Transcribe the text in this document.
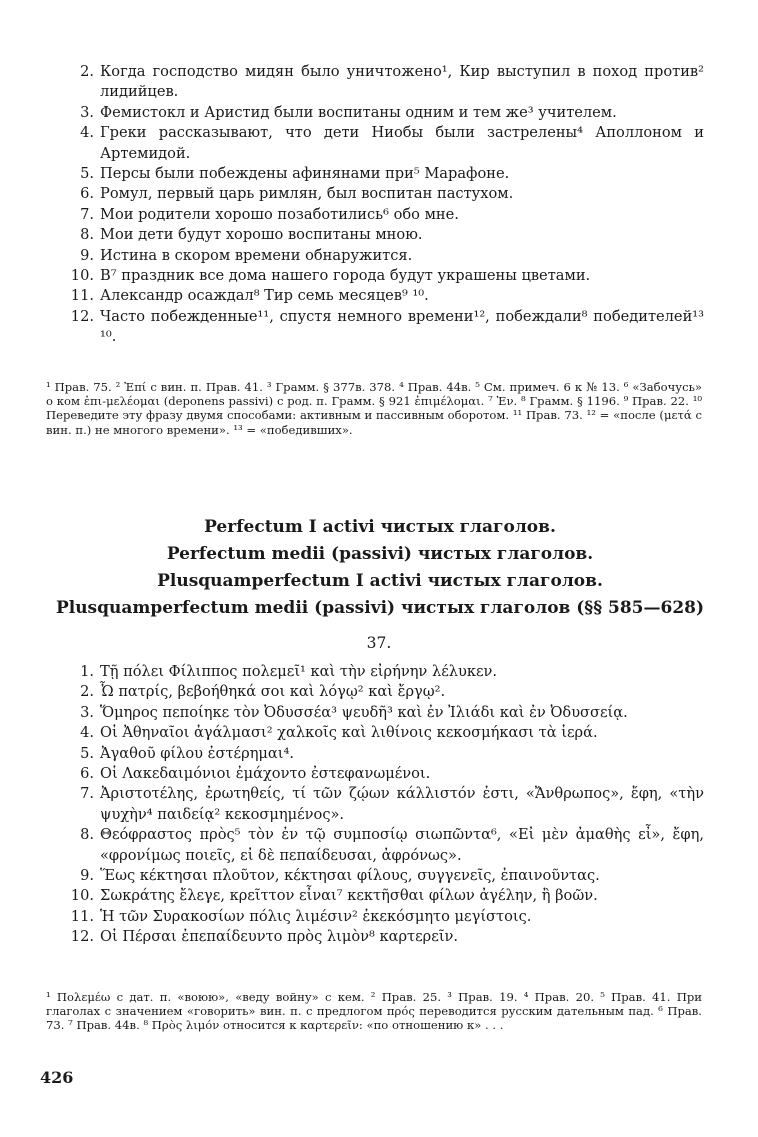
2. Когда господство мидян было уничтожено¹, Кир выступил в поход против² лидийцев.
3. Фемистокл и Аристид были воспитаны одним и тем же³ учителем.
4. Греки рассказывают, что дети Ниобы были застрелены⁴ Аполлоном и Артемидой.
5. Персы были побеждены афинянами при⁵ Марафоне.
6. Ромул, первый царь римлян, был воспитан пастухом.
7. Мои родители хорошо позаботились⁶ обо мне.
8. Мои дети будут хорошо воспитаны мною.
9. Истина в скором времени обнаружится.
10. В⁷ праздник все дома нашего города будут украшены цветами.
11. Александр осаждал⁸ Тир семь месяцев⁹ ¹⁰.
12. Часто побежденные¹¹, спустя немного времени¹², побеждали⁸ победителей¹³ ¹⁰.
¹ Прав. 75. ² Ἐπί с вин. п. Прав. 41. ³ Грамм. § 377в. 378. ⁴ Прав. 44в. ⁵ См. примеч. 6 к № 13. ⁶ «Забочусь» о ком ἐπι-μελέομαι (deponens passivi) с род. п. Грамм. § 921 ἐπιμέλομαι. ⁷ Ἐν. ⁸ Грамм. § 1196. ⁹ Прав. 22. ¹⁰ Переведите эту фразу двумя способами: активным и пассивным оборотом. ¹¹ Прав. 73. ¹² = «после (μετά с вин. п.) не многого времени». ¹³ = «победивших».
Perfectum I activi чистых глаголов.
Perfectum medii (passivi) чистых глаголов.
Plusquamperfectum I activi чистых глаголов.
Plusquamperfectum medii (passivi) чистых глаголов (§§ 585—628)
37.
1. Τῇ πόλει Φίλιππος πολεμεῖ¹ καὶ τὴν εἰρήνην λέλυκεν.
2. Ὦ πατρίς, βεβοήθηκά σοι καὶ λόγῳ² καὶ ἔργῳ².
3. Ὅμηρος πεποίηκε τὸν Ὀδυσσέα³ ψευδῆ³ καὶ ἐν Ἰλιάδι καὶ ἐν Ὀδυσσείᾳ.
4. Οἱ Ἀθηναῖοι ἀγάλμασι² χαλκοῖς καὶ λιθίνοις κεκοσμήκασι τὰ ἱερά.
5. Ἀγαθοῦ φίλου ἐστέρημαι⁴.
6. Οἱ Λακεδαιμόνιοι ἐμάχοντο ἐστεφανωμένοι.
7. Ἀριστοτέλης, ἐρωτηθείς, τί τῶν ζῴων κάλλιστόν ἐστι, «Ἄνθρωπος», ἔφη, «τὴν ψυχὴν⁴ παιδείᾳ² κεκοσμημένος».
8. Θεόφραστος πρὸς⁵ τὸν ἐν τῷ συμποσίῳ σιωπῶντα⁶, «Εἰ μὲν ἀμαθὴς εἶ», ἔφη, «φρονίμως ποιεῖς, εἰ δὲ πεπαίδευσαι, ἀφρόνως».
9. Ἕως κέκτησαι πλοῦτον, κέκτησαι φίλους, συγγενεῖς, ἐπαινοῦντας.
10. Σωκράτης ἔλεγε, κρεῖττον εἶναι⁷ κεκτῆσθαι φίλων ἀγέλην, ἢ βοῶν.
11. Ἡ τῶν Συρακοσίων πόλις λιμέσιν² ἐκεκόσμητο μεγίστοις.
12. Οἱ Πέρσαι ἐπεπαίδευντο πρὸς λιμὸν⁸ καρτερεῖν.
¹ Πολεμέω с дат. п. «воюю», «веду войну» с кем. ² Прав. 25. ³ Прав. 19. ⁴ Прав. 20. ⁵ Прав. 41. При глаголах с значением «говорить» вин. п. с предлогом πρός переводится русским дательным пад. ⁶ Прав. 73. ⁷ Прав. 44в. ⁸ Πρὸς λιμόν относится к καρτερεῖν: «по отношению к» . . .
426
